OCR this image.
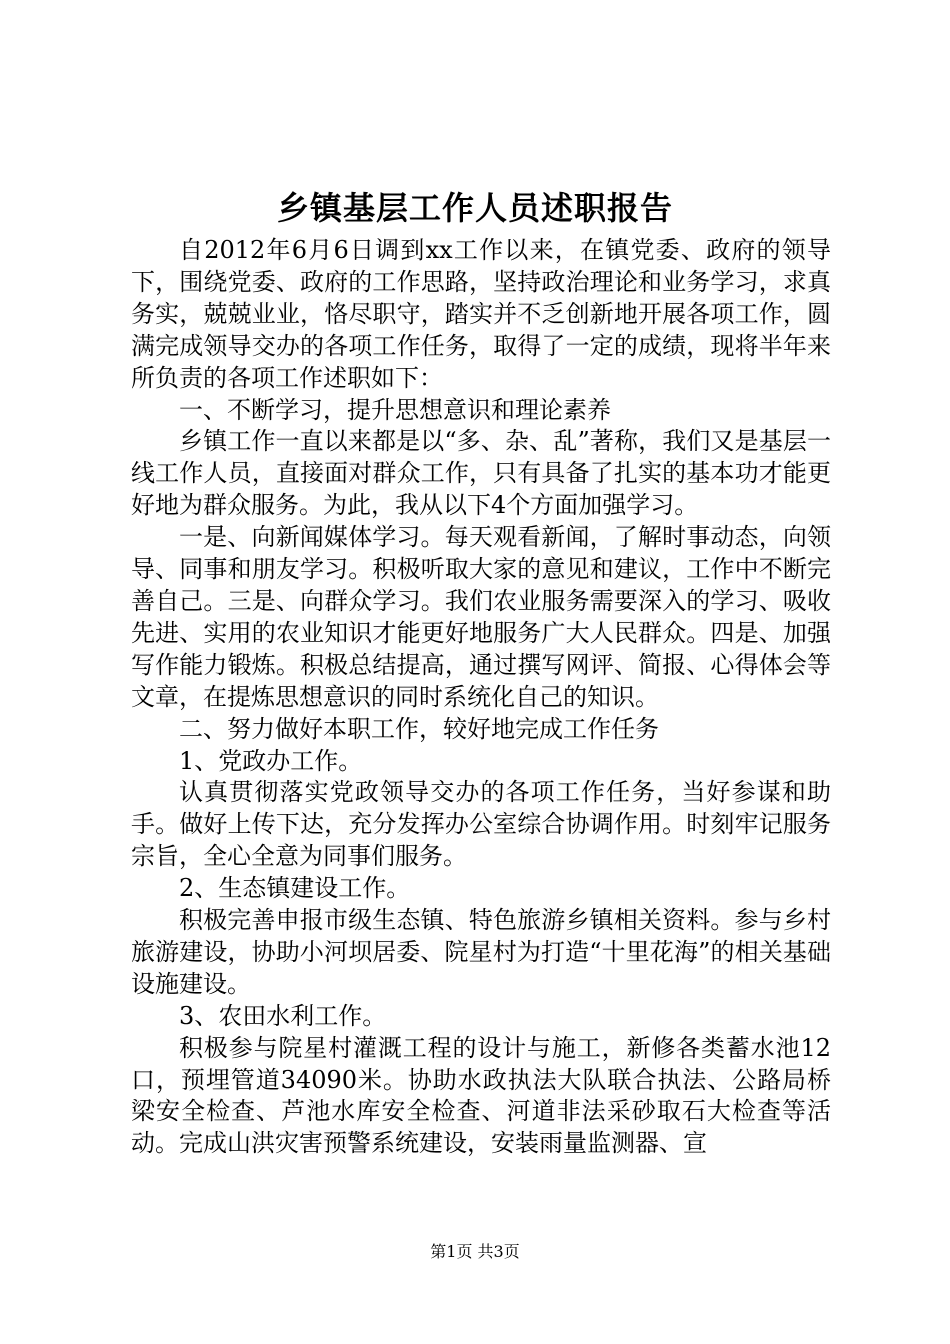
乡镇基层工作人员述职报告

自2012年6月6日调到xx工作以来，在镇党委、政府的领导下，围绕党委、政府的工作思路，坚持政治理论和业务学习，求真务实，兢兢业业，恪尽职守，踏实并不乏创新地开展各项工作，圆满完成领导交办的各项工作任务，取得了一定的成绩，现将半年来所负责的各项工作述职如下：

一、不断学习，提升思想意识和理论素养

乡镇工作一直以来都是以“多、杂、乱”著称，我们又是基层一线工作人员，直接面对群众工作，只有具备了扎实的基本功才能更好地为群众服务。为此，我从以下4个方面加强学习。

一是、向新闻媒体学习。每天观看新闻，了解时事动态，向领导、同事和朋友学习。积极听取大家的意见和建议，工作中不断完善自己。三是、向群众学习。我们农业服务需要深入的学习、吸收先进、实用的农业知识才能更好地服务广大人民群众。四是、加强写作能力锻炼。积极总结提高，通过撰写网评、简报、心得体会等文章，在提炼思想意识的同时系统化自己的知识。

二、努力做好本职工作，较好地完成工作任务

1、党政办工作。

认真贯彻落实党政领导交办的各项工作任务，当好参谋和助手。做好上传下达，充分发挥办公室综合协调作用。时刻牢记服务宗旨，全心全意为同事们服务。

2、生态镇建设工作。

积极完善申报市级生态镇、特色旅游乡镇相关资料。参与乡村旅游建设，协助小河坝居委、院星村为打造“十里花海”的相关基础设施建设。

3、农田水利工作。

积极参与院星村灌溉工程的设计与施工，新修各类蓄水池12口，预埋管道34090米。协助水政执法大队联合执法、公路局桥梁安全检查、芦池水库安全检查、河道非法采砂取石大检查等活动。完成山洪灾害预警系统建设，安装雨量监测器、宣

第1页 共3页
